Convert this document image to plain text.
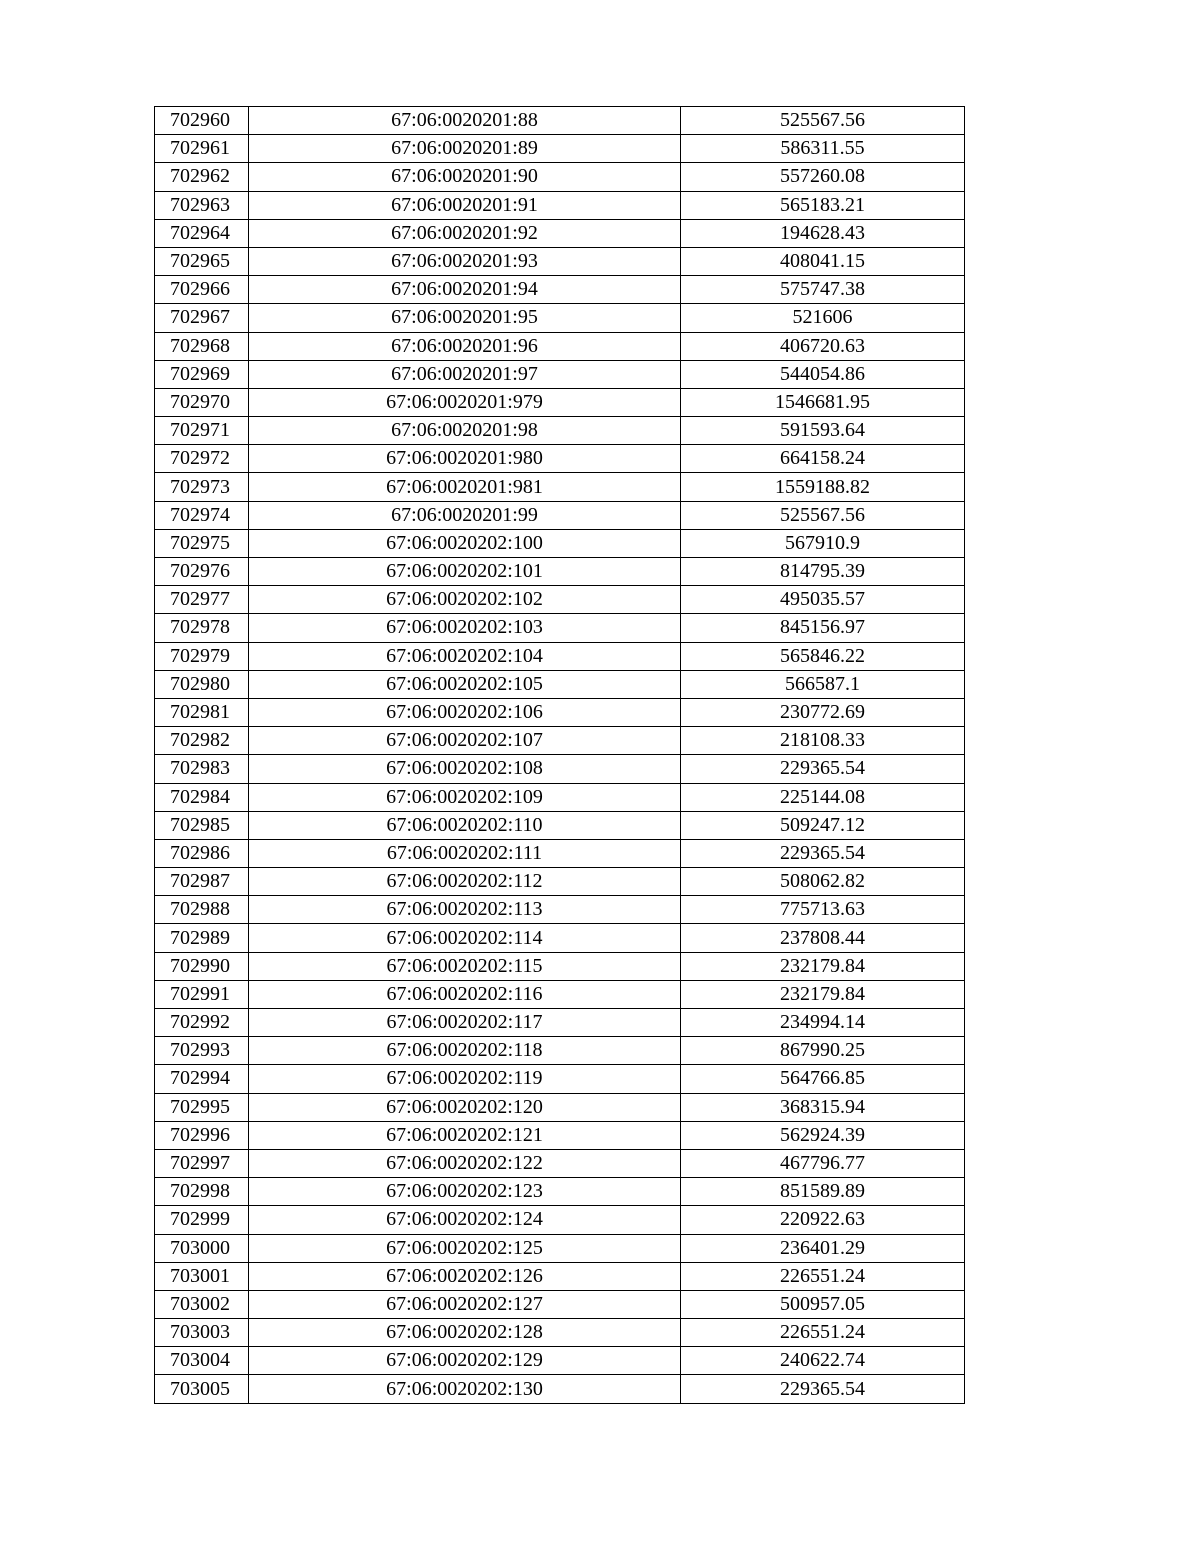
702960	67:06:0020201:88	525567.56
702961	67:06:0020201:89	586311.55
702962	67:06:0020201:90	557260.08
702963	67:06:0020201:91	565183.21
702964	67:06:0020201:92	194628.43
702965	67:06:0020201:93	408041.15
702966	67:06:0020201:94	575747.38
702967	67:06:0020201:95	521606
702968	67:06:0020201:96	406720.63
702969	67:06:0020201:97	544054.86
702970	67:06:0020201:979	1546681.95
702971	67:06:0020201:98	591593.64
702972	67:06:0020201:980	664158.24
702973	67:06:0020201:981	1559188.82
702974	67:06:0020201:99	525567.56
702975	67:06:0020202:100	567910.9
702976	67:06:0020202:101	814795.39
702977	67:06:0020202:102	495035.57
702978	67:06:0020202:103	845156.97
702979	67:06:0020202:104	565846.22
702980	67:06:0020202:105	566587.1
702981	67:06:0020202:106	230772.69
702982	67:06:0020202:107	218108.33
702983	67:06:0020202:108	229365.54
702984	67:06:0020202:109	225144.08
702985	67:06:0020202:110	509247.12
702986	67:06:0020202:111	229365.54
702987	67:06:0020202:112	508062.82
702988	67:06:0020202:113	775713.63
702989	67:06:0020202:114	237808.44
702990	67:06:0020202:115	232179.84
702991	67:06:0020202:116	232179.84
702992	67:06:0020202:117	234994.14
702993	67:06:0020202:118	867990.25
702994	67:06:0020202:119	564766.85
702995	67:06:0020202:120	368315.94
702996	67:06:0020202:121	562924.39
702997	67:06:0020202:122	467796.77
702998	67:06:0020202:123	851589.89
702999	67:06:0020202:124	220922.63
703000	67:06:0020202:125	236401.29
703001	67:06:0020202:126	226551.24
703002	67:06:0020202:127	500957.05
703003	67:06:0020202:128	226551.24
703004	67:06:0020202:129	240622.74
703005	67:06:0020202:130	229365.54
